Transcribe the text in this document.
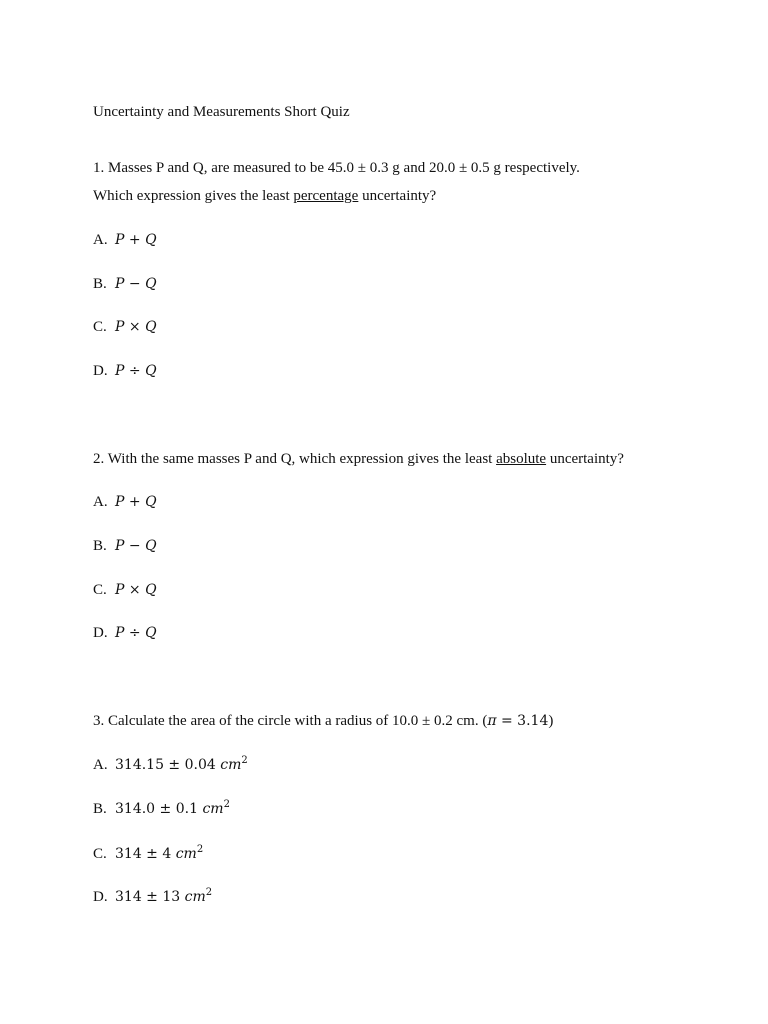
Uncertainty and Measurements Short Quiz
1. Masses P and Q, are measured to be 45.0 ± 0.3 g and 20.0 ± 0.5 g respectively.
Which expression gives the least percentage uncertainty?
A. P + Q
B. P − Q
C. P × Q
D. P ÷ Q
2. With the same masses P and Q, which expression gives the least absolute uncertainty?
A. P + Q
B. P − Q
C. P × Q
D. P ÷ Q
3. Calculate the area of the circle with a radius of 10.0 ± 0.2 cm. (π = 3.14)
A. 314.15 ± 0.04 $cm^2$
B. 314.0 ± 0.1 $cm^2$
C. 314 ± 4 $cm^2$
D. 314 ± 13 $cm^2$
